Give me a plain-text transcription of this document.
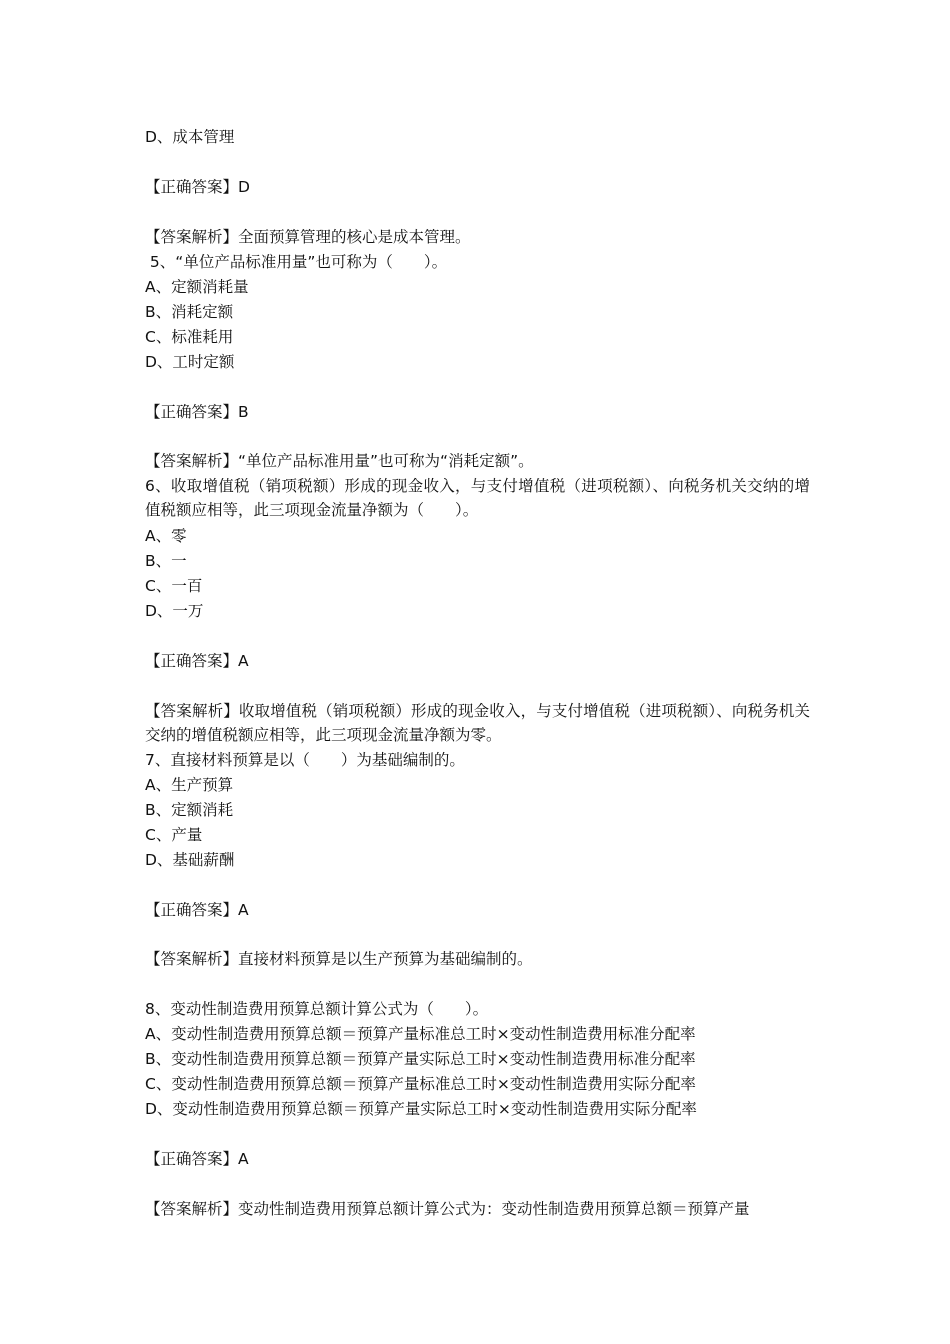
D、成本管理
【正确答案】D
【答案解析】全面预算管理的核心是成本管理。
5、“单位产品标准用量”也可称为（　　）。
A、定额消耗量
B、消耗定额
C、标准耗用
D、工时定额
【正确答案】B
【答案解析】“单位产品标准用量”也可称为“消耗定额”。
6、收取增值税（销项税额）形成的现金收入，与支付增值税（进项税额）、向税务机关交纳的增值税额应相等，此三项现金流量净额为（　　）。
A、零
B、一
C、一百
D、一万
【正确答案】A
【答案解析】收取增值税（销项税额）形成的现金收入，与支付增值税（进项税额）、向税务机关交纳的增值税额应相等，此三项现金流量净额为零。
7、直接材料预算是以（　　）为基础编制的。
A、生产预算
B、定额消耗
C、产量
D、基础薪酬
【正确答案】A
【答案解析】直接材料预算是以生产预算为基础编制的。
8、变动性制造费用预算总额计算公式为（　　）。
A、变动性制造费用预算总额＝预算产量标准总工时×变动性制造费用标准分配率
B、变动性制造费用预算总额＝预算产量实际总工时×变动性制造费用标准分配率
C、变动性制造费用预算总额＝预算产量标准总工时×变动性制造费用实际分配率
D、变动性制造费用预算总额＝预算产量实际总工时×变动性制造费用实际分配率
【正确答案】A
【答案解析】变动性制造费用预算总额计算公式为：变动性制造费用预算总额＝预算产量
